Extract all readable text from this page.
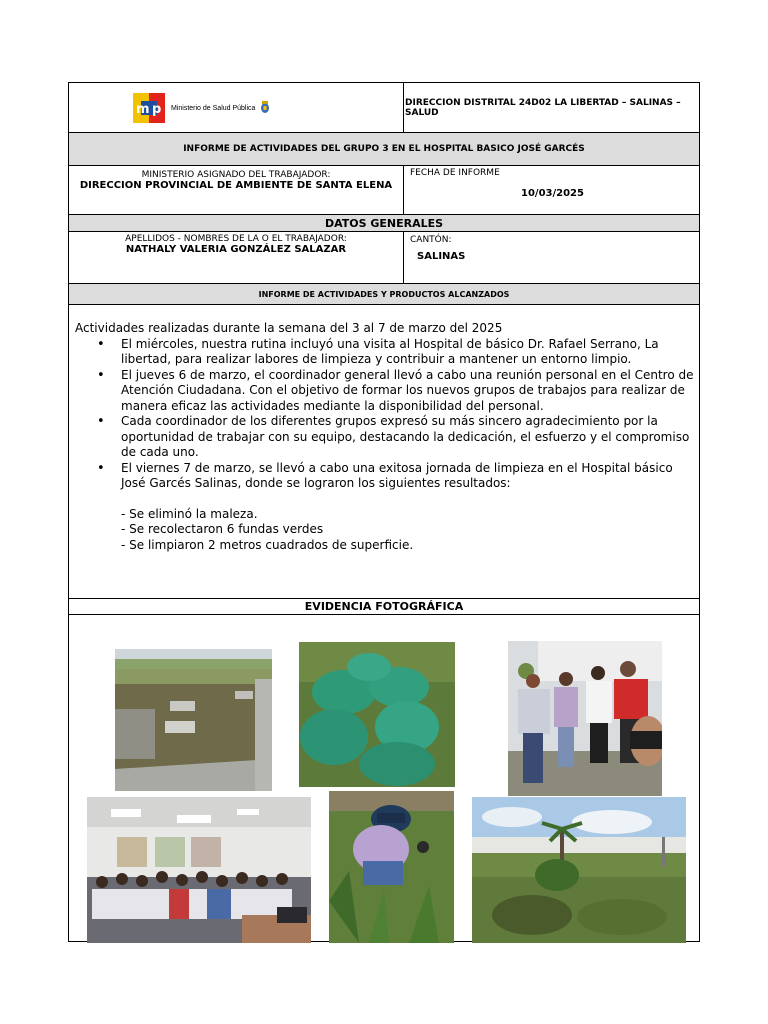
m p Ministerio de Salud Pública
DIRECCION DISTRITAL 24D02 LA LIBERTAD – SALINAS – SALUD
INFORME DE ACTIVIDADES DEL GRUPO 3 EN EL HOSPITAL BASICO JOSÉ GARCÉS
MINISTERIO ASIGNADO DEL TRABAJADOR:
DIRECCION PROVINCIAL DE AMBIENTE DE SANTA ELENA
FECHA DE INFORME
10/03/2025
DATOS GENERALES
APELLIDOS - NOMBRES DE LA O EL TRABAJADOR:
NATHALY VALERIA GONZÁLEZ SALAZAR
CANTÓN:
SALINAS
INFORME DE ACTIVIDADES Y PRODUCTOS ALCANZADOS
Actividades realizadas durante la semana del 3 al 7 de marzo del 2025
• El miércoles, nuestra rutina incluyó una visita al Hospital de básico Dr. Rafael Serrano, La libertad, para realizar labores de limpieza y contribuir a mantener un entorno limpio.
• El jueves 6 de marzo, el coordinador general llevó a cabo una reunión personal en el Centro de Atención Ciudadana. Con el objetivo de formar los nuevos grupos de trabajos para realizar de manera eficaz las actividades mediante la disponibilidad del personal.
• Cada coordinador de los diferentes grupos expresó su más sincero agradecimiento por la oportunidad de trabajar con su equipo, destacando la dedicación, el esfuerzo y el compromiso de cada uno.
• El viernes 7 de marzo, se llevó a cabo una exitosa jornada de limpieza en el Hospital básico José Garcés Salinas, donde se lograron los siguientes resultados:
- Se eliminó la maleza.
- Se recolectaron 6 fundas verdes
- Se limpiaron 2 metros cuadrados de superficie.
EVIDENCIA FOTOGRÁFICA
